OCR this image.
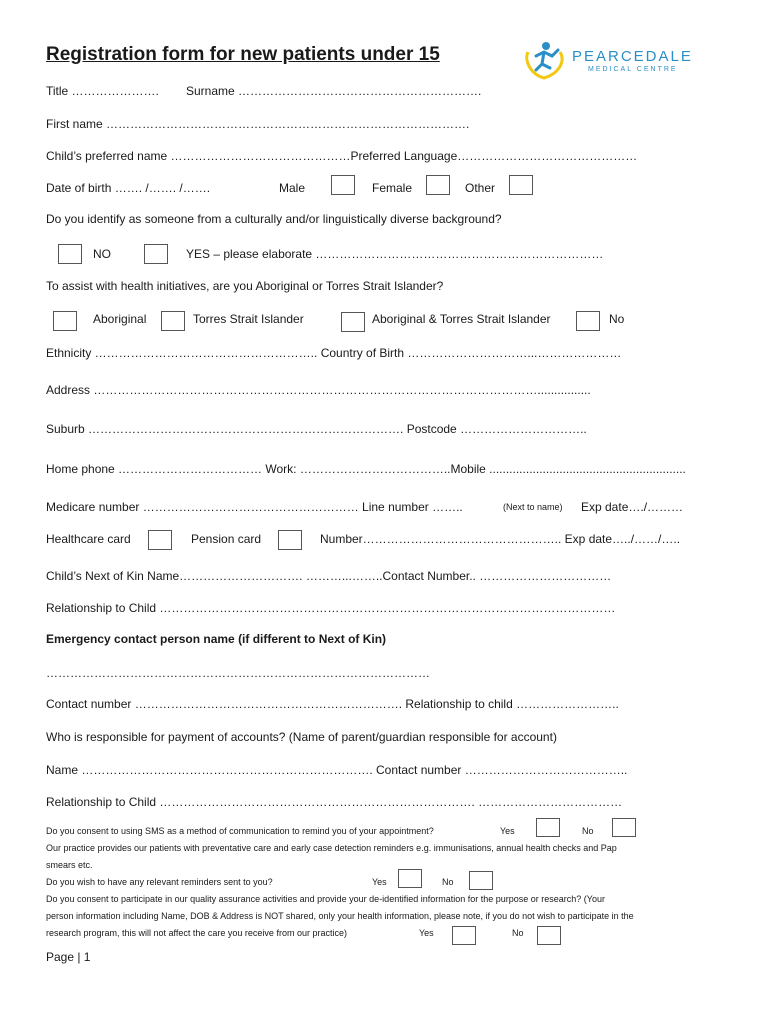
Registration form for new patients under 15	PEARCEDALE
MEDICAL CENTRE
Title …………………. Surname …………………………………………………….
First name ……………………………………………………………………………….
Child’s preferred name ………………………………………Preferred Language………………………………………
Date of birth ……. /……. /…….	Male	Female	Other
Do you identify as someone from a culturally and/or linguistically diverse background?
NO	YES – please elaborate ………………………………………………………………
To assist with health initiatives, are you Aboriginal or Torres Strait Islander?
Aboriginal	Torres Strait Islander	Aboriginal & Torres Strait Islander	No
Ethnicity ……………………………………………….. Country of Birth …………………………...…………………
Address …………………………………………………………………………………………………................
Suburb ……………………………………………………………………. Postcode …………………………..
Home phone ……………………………… Work: ………………………………..Mobile ...........................................................
Medicare number ……………………………………………… Line number ……..	(Next to name) Exp date…./………
Healthcare card	Pension card	Number………………………………………….. Exp date…../……/…..
Child’s Next of Kin Name…………………………. ………...……..Contact Number.. ……………………………
Relationship to Child ……………………………………………………………………………………………………
Emergency contact person name (if different to Next of Kin)
……………………………………………………………………………………
Contact number …………………………………………………………. Relationship to child ……………………..
Who is responsible for payment of accounts? (Name of parent/guardian responsible for account)
Name ………………………………………………………………. Contact number …………………………………..
Relationship to Child ……………………………………………………………………. ………………………………
Do you consent to using SMS as a method of communication to remind you of your appointment?	Yes	No
Our practice provides our patients with preventative care and early case detection reminders e.g. immunisations, annual health checks and Pap
smears etc.
Do you wish to have any relevant reminders sent to you?	Yes	No
Do you consent to participate in our quality assurance activities and provide your de-identified information for the purpose or research? (Your
person information including Name, DOB & Address is NOT shared, only your health information, please note, if you do not wish to participate in the
research program, this will not affect the care you receive from our practice)	Yes	No
Page | 1
